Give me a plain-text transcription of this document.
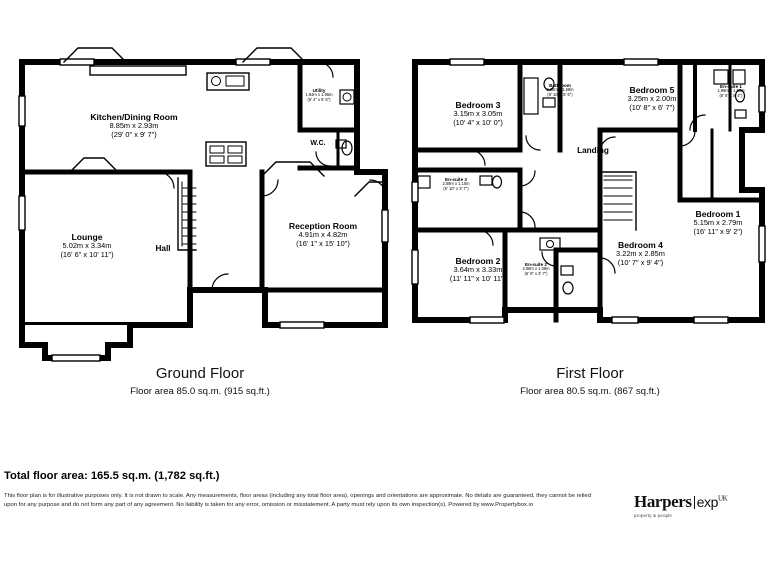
Kitchen/Dining Room
8.85m x 2.93m
(29' 0" x 9' 7")
Lounge
5.02m x 3.34m
(16' 6" x 10' 11")
Hall
Reception Room
4.91m x 4.82m
(16' 1" x 15' 10")
Utility
1.94m x 1.65m
(6' 4" x 5' 5")
W.C.
Ground Floor
Floor area 85.0 sq.m. (915 sq.ft.)
Bedroom 3
3.15m x 3.05m
(10' 4" x 10' 0")
Bedroom 5
3.25m x 2.00m
(10' 8" x 6' 7")
Bedroom 1
5.15m x 2.79m
(16' 11" x 9' 2")
Bedroom 2
3.64m x 3.33m
(11' 11" x 10' 11")
Bedroom 4
3.22m x 2.85m
(10' 7" x 9' 4")
Landing
Bathroom
2.08m x 1.69m
(6' 10" x 5' 6")
En-suite 1
1.99m x 1.63m
(6' 6" x 5' 4")
En-suite 2
2.08m x 1.09m
(6' 9" x 3' 7")
En-suite 3
2.09m x 1.10m
(6' 10" x 3' 7")
First Floor
Floor area 80.5 sq.m. (867 sq.ft.)
Total floor area: 165.5 sq.m. (1,782 sq.ft.)
This floor plan is for illustrative purposes only. It is not drawn to scale. Any measurements, floor areas (including any total floor area), openings and orientations are approximate. No details are guaranteed, they cannot be relied upon for any purpose and do not form any part of any agreement. No liability is taken for any error, omission or misstatement. A party must rely upon its own inspection(s). Powered by www.Propertybox.io	Harpers $\exp^{UK}$
property & people
